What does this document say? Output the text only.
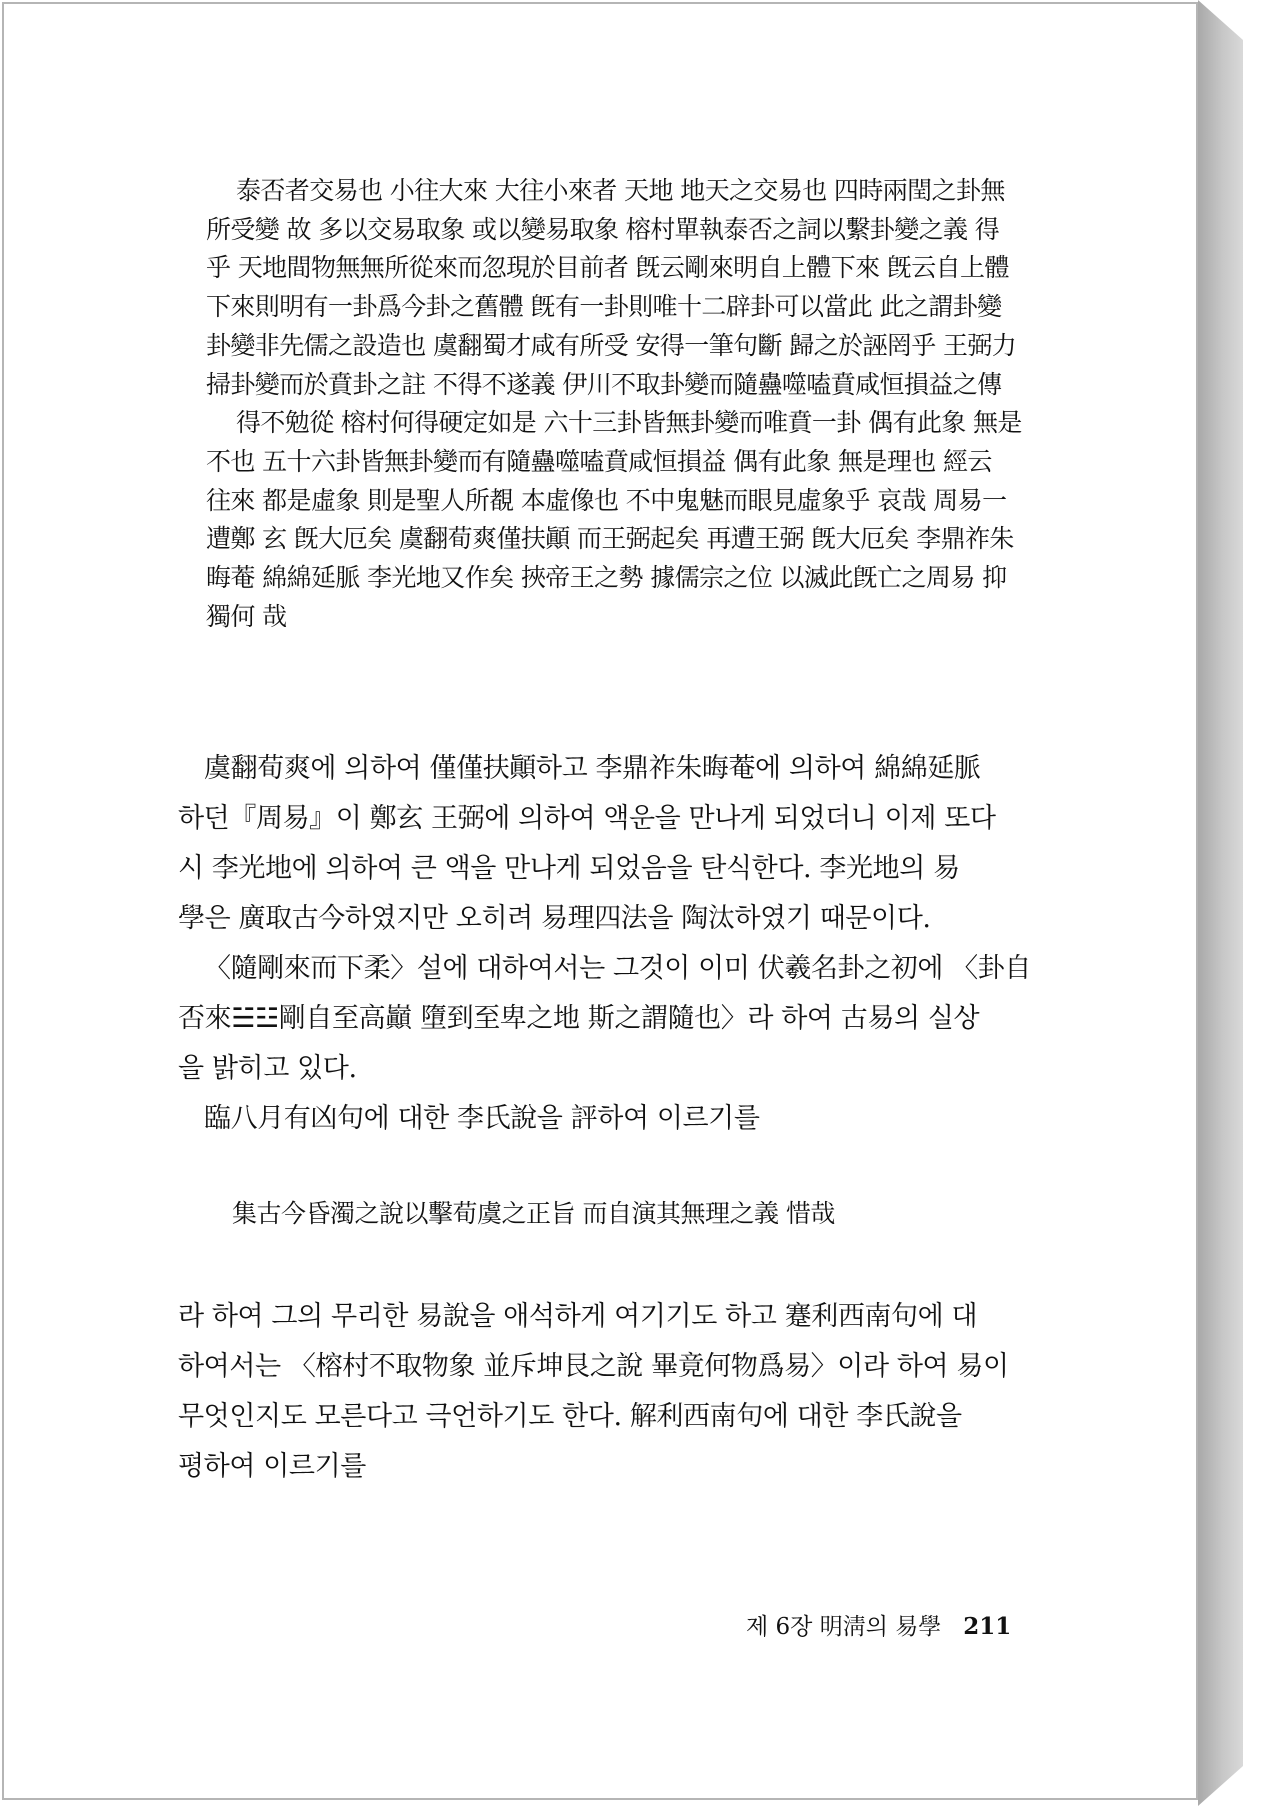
泰否者交易也 小往大來 大往小來者 天地 地天之交易也 四時兩閏之卦無
所受變 故 多以交易取象 或以變易取象 榕村單執泰否之詞以繫卦變之義 得
乎 天地間物無無所從來而忽現於目前者 旣云剛來明自上體下來 旣云自上體
下來則明有一卦爲今卦之舊體 旣有一卦則唯十二辟卦可以當此 此之謂卦變
卦變非先儒之設造也 虞翻蜀才咸有所受 安得一筆句斷 歸之於誣罔乎 王弼力
掃卦變而於賁卦之註 不得不遂義 伊川不取卦變而隨蠱噬嗑賁咸恒損益之傳
得不勉從 榕村何得硬定如是 六十三卦皆無卦變而唯賁一卦 偶有此象 無是
不也 五十六卦皆無卦變而有隨蠱噬嗑賁咸恒損益 偶有此象 無是理也 經云
往來 都是虛象 則是聖人所覩 本虛像也 不中鬼魅而眼見虛象乎 哀哉 周易一
遭鄭 玄 旣大厄矣 虞翻荀爽僅扶顚 而王弼起矣 再遭王弼 旣大厄矣 李鼎祚朱
晦菴 綿綿延脈 李光地又作矣 挾帝王之勢 據儒宗之位 以滅此旣亡之周易 抑
獨何 哉
虞翻荀爽에 의하여 僅僅扶顚하고 李鼎祚朱晦菴에 의하여 綿綿延脈
하던『周易』이 鄭玄 王弼에 의하여 액운을 만나게 되었더니 이제 또다
시 李光地에 의하여 큰 액을 만나게 되었음을 탄식한다. 李光地의 易
學은 廣取古今하였지만 오히려 易理四法을 陶汰하였기 때문이다.
〈隨剛來而下柔〉설에 대하여서는 그것이 이미 伏羲名卦之初에 〈卦自
否來☱☳剛自至高巓 墮到至卑之地 斯之謂隨也〉라 하여 古易의 실상
을 밝히고 있다.
臨八月有凶句에 대한 李氏說을 評하여 이르기를
集古今昏濁之說以擊荀虞之正旨 而自演其無理之義 惜哉
라 하여 그의 무리한 易說을 애석하게 여기기도 하고 蹇利西南句에 대
하여서는 〈榕村不取物象 並斥坤艮之說 畢竟何物爲易〉이라 하여 易이
무엇인지도 모른다고 극언하기도 한다. 解利西南句에 대한 李氏說을
평하여 이르기를
제 6장 明淸의 易學 211
